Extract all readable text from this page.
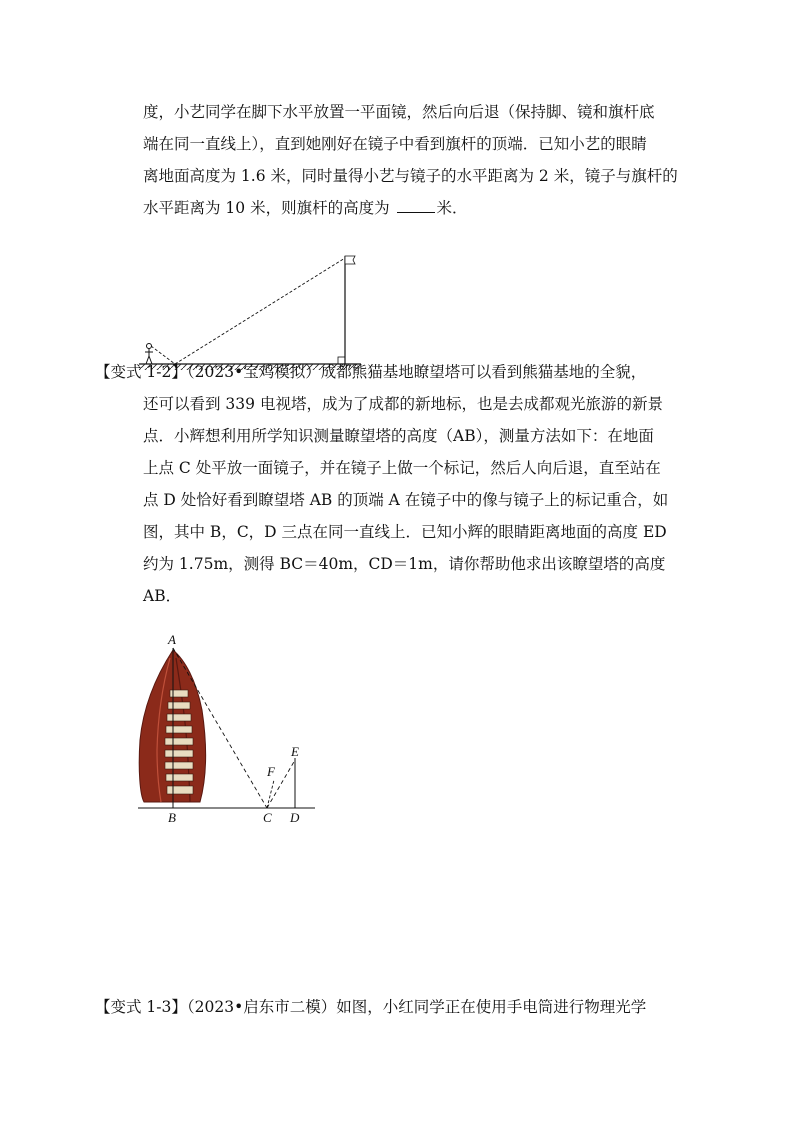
度，小艺同学在脚下水平放置一平面镜，然后向后退（保持脚、镜和旗杆底
端在同一直线上），直到她刚好在镜子中看到旗杆的顶端．已知小艺的眼睛
离地面高度为 1.6 米，同时量得小艺与镜子的水平距离为 2 米，镜子与旗杆的
水平距离为 10 米，则旗杆的高度为	米．
【变式 1-2】（2023•宝鸡模拟）成都熊猫基地瞭望塔可以看到熊猫基地的全貌，
还可以看到 339 电视塔，成为了成都的新地标，也是去成都观光旅游的新景
点．小辉想利用所学知识测量瞭望塔的高度（AB），测量方法如下：在地面
上点 C 处平放一面镜子，并在镜子上做一个标记，然后人向后退，直至站在
点 D 处恰好看到瞭望塔 AB 的顶端 A 在镜子中的像与镜子上的标记重合，如
图，其中 B，C，D 三点在同一直线上．已知小辉的眼睛距离地面的高度 ED
约为 1.75m，测得 BC＝40m，CD＝1m，请你帮助他求出该瞭望塔的高度
AB．
A
B	C D
E
F
【变式 1-3】（2023•启东市二模）如图，小红同学正在使用手电筒进行物理光学
